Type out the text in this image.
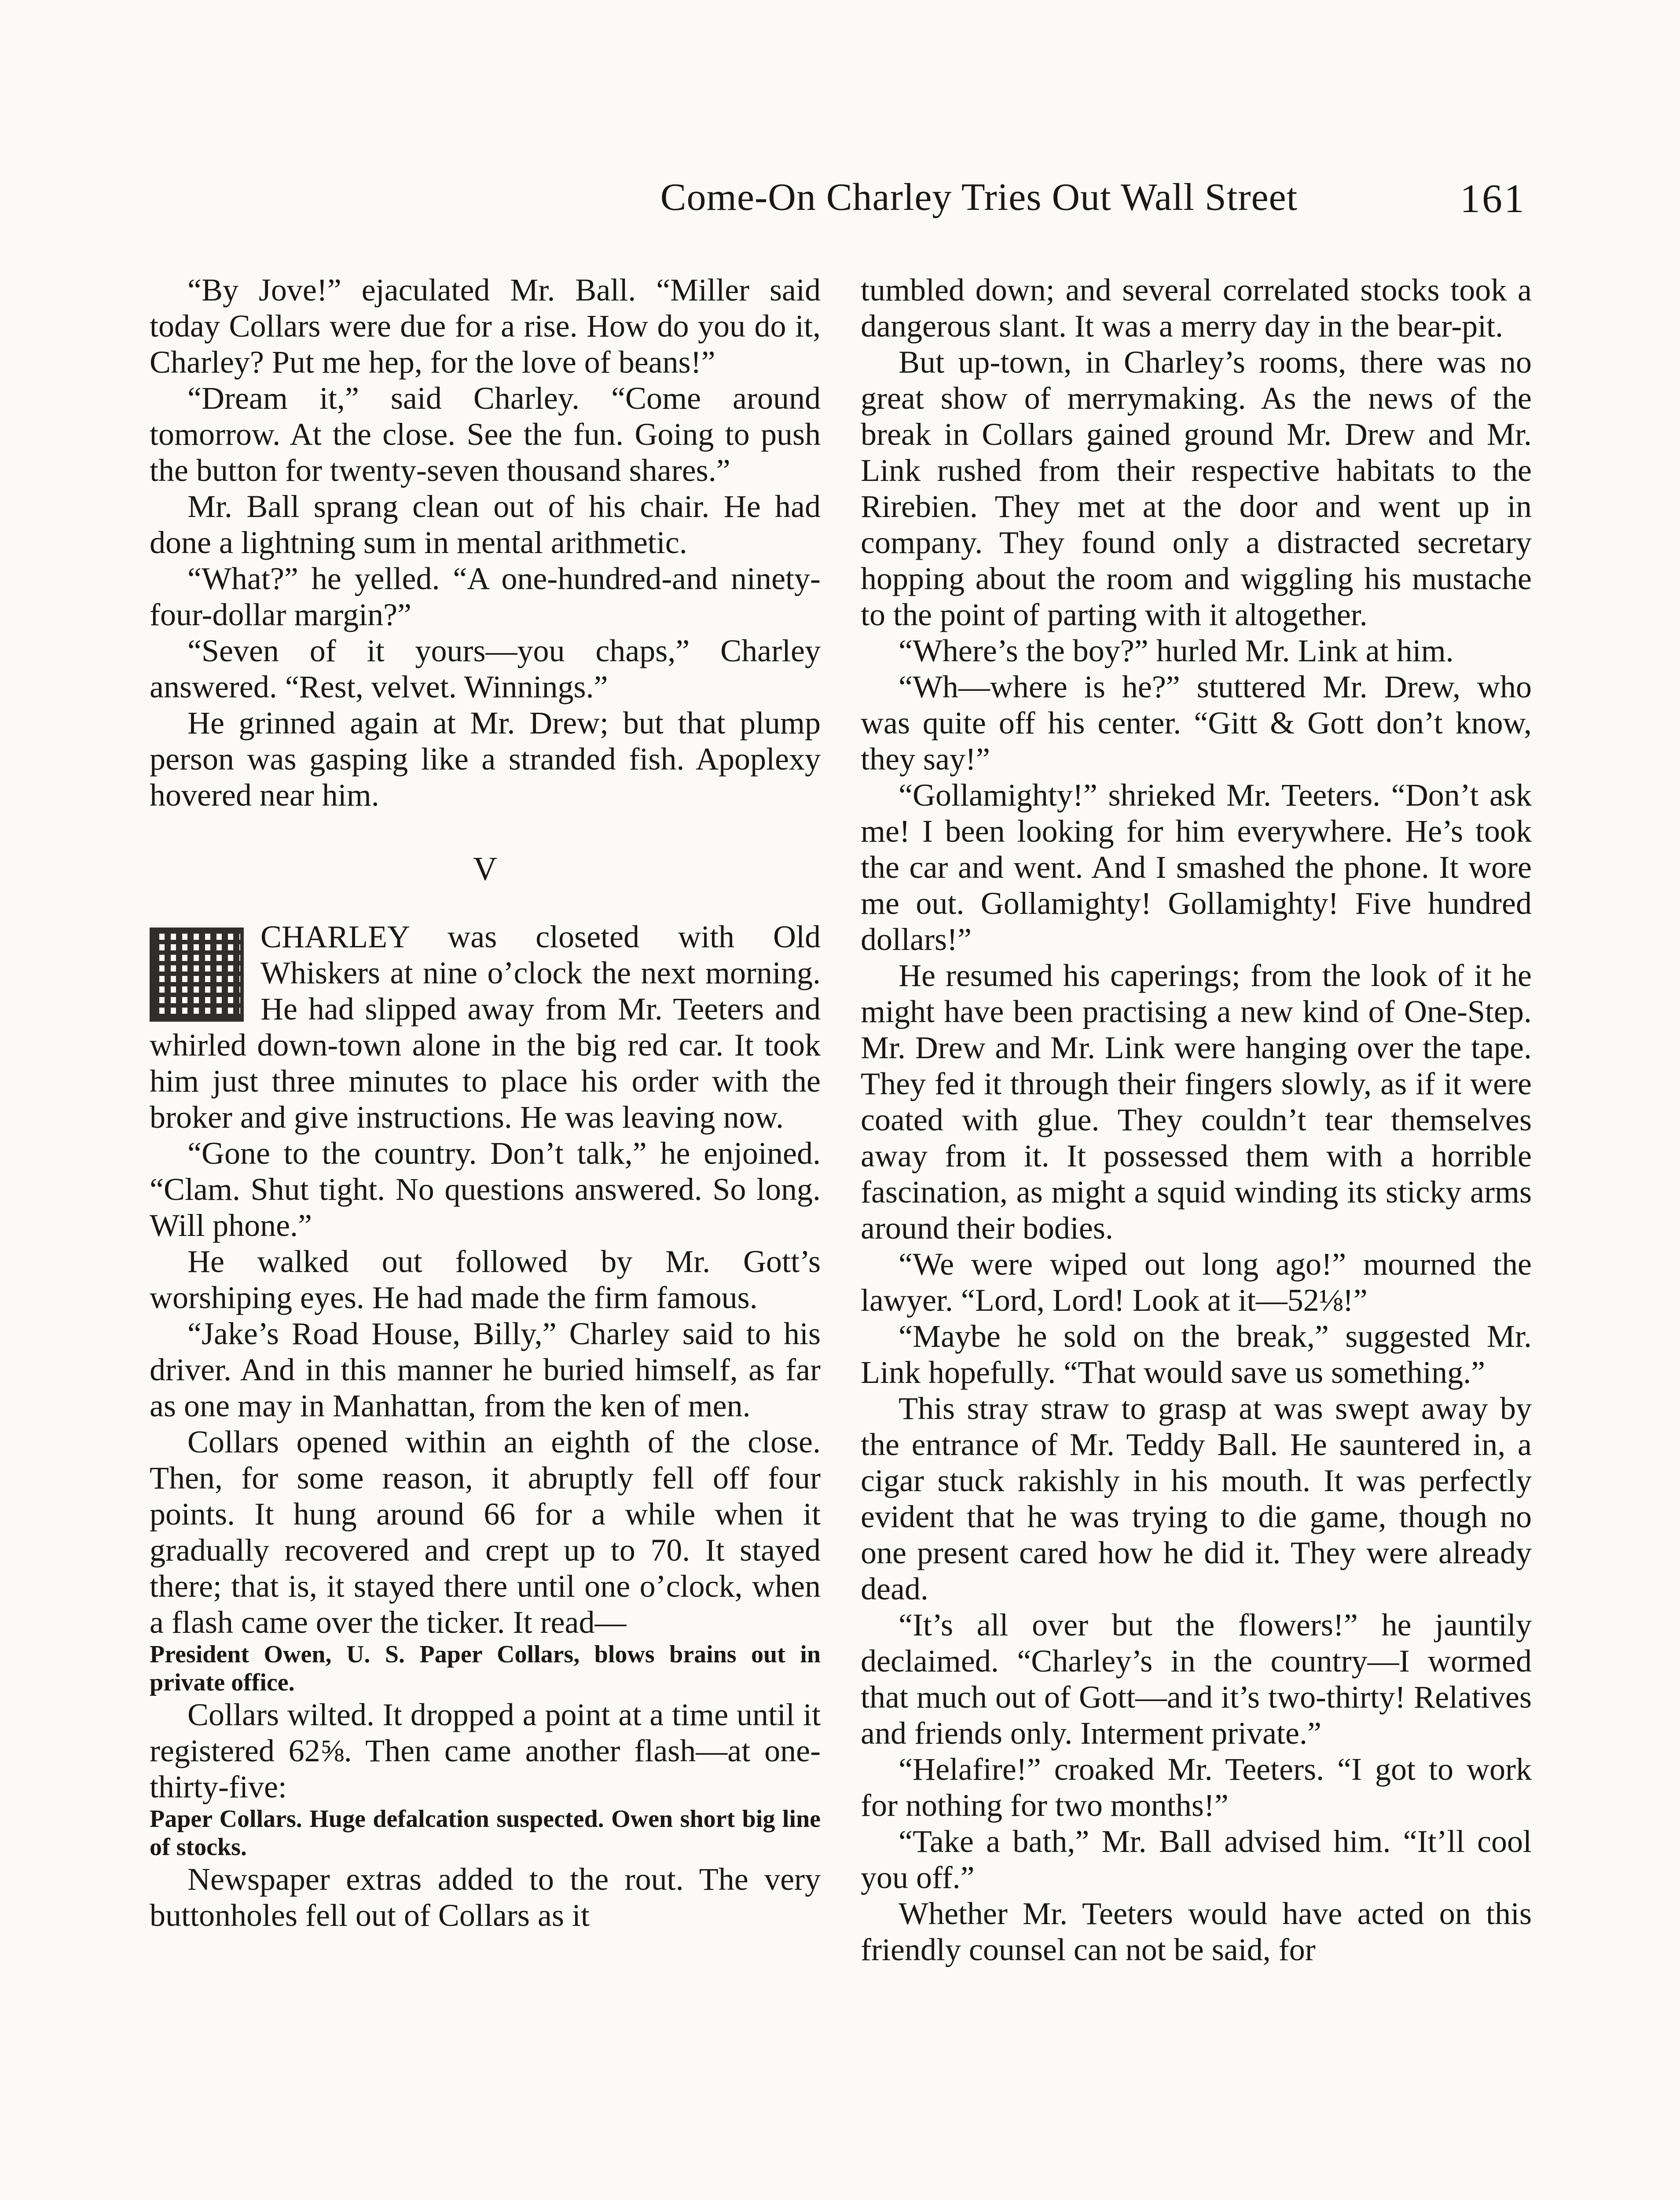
Come-On Charley Tries Out Wall Street	161

“By Jove!” ejaculated Mr. Ball. “Miller said today Collars were due for a rise. How do you do it, Charley? Put me hep, for the love of beans!”

“Dream it,” said Charley. “Come around tomorrow. At the close. See the fun. Going to push the button for twenty-seven thousand shares.”

Mr. Ball sprang clean out of his chair. He had done a lightning sum in mental arithmetic.

“What?” he yelled. “A one-hundred-and ninety-four-dollar margin?”

“Seven of it yours—you chaps,” Charley answered. “Rest, velvet. Winnings.”

He grinned again at Mr. Drew; but that plump person was gasping like a stranded fish. Apoplexy hovered near him.

V

CHARLEY was closeted with Old Whiskers at nine o’clock the next morning. He had slipped away from Mr. Teeters and whirled down-town alone in the big red car. It took him just three minutes to place his order with the broker and give instructions. He was leaving now.

“Gone to the country. Don’t talk,” he enjoined. “Clam. Shut tight. No questions answered. So long. Will phone.”

He walked out followed by Mr. Gott’s worshiping eyes. He had made the firm famous.

“Jake’s Road House, Billy,” Charley said to his driver. And in this manner he buried himself, as far as one may in Manhattan, from the ken of men.

Collars opened within an eighth of the close. Then, for some reason, it abruptly fell off four points. It hung around 66 for a while when it gradually recovered and crept up to 70. It stayed there; that is, it stayed there until one o’clock, when a flash came over the ticker. It read—

President Owen, U. S. Paper Collars, blows brains out in private office.

Collars wilted. It dropped a point at a time until it registered 62⅝. Then came another flash—at one-thirty-five:

Paper Collars. Huge defalcation suspected. Owen short big line of stocks.

Newspaper extras added to the rout. The very buttonholes fell out of Collars as it

tumbled down; and several correlated stocks took a dangerous slant. It was a merry day in the bear-pit.

But up-town, in Charley’s rooms, there was no great show of merrymaking. As the news of the break in Collars gained ground Mr. Drew and Mr. Link rushed from their respective habitats to the Rirebien. They met at the door and went up in company. They found only a distracted secretary hopping about the room and wiggling his mustache to the point of parting with it altogether.

“Where’s the boy?” hurled Mr. Link at him.

“Wh—where is he?” stuttered Mr. Drew, who was quite off his center. “Gitt & Gott don’t know, they say!”

“Gollamighty!” shrieked Mr. Teeters. “Don’t ask me! I been looking for him everywhere. He’s took the car and went. And I smashed the phone. It wore me out. Gollamighty! Gollamighty! Five hundred dollars!”

He resumed his caperings; from the look of it he might have been practising a new kind of One-Step. Mr. Drew and Mr. Link were hanging over the tape. They fed it through their fingers slowly, as if it were coated with glue. They couldn’t tear themselves away from it. It possessed them with a horrible fascination, as might a squid winding its sticky arms around their bodies.

“We were wiped out long ago!” mourned the lawyer. “Lord, Lord! Look at it—52⅛!”

“Maybe he sold on the break,” suggested Mr. Link hopefully. “That would save us something.”

This stray straw to grasp at was swept away by the entrance of Mr. Teddy Ball. He sauntered in, a cigar stuck rakishly in his mouth. It was perfectly evident that he was trying to die game, though no one present cared how he did it. They were already dead.

“It’s all over but the flowers!” he jauntily declaimed. “Charley’s in the country—I wormed that much out of Gott—and it’s two-thirty! Relatives and friends only. Interment private.”

“Helafire!” croaked Mr. Teeters. “I got to work for nothing for two months!”

“Take a bath,” Mr. Ball advised him. “It’ll cool you off.”

Whether Mr. Teeters would have acted on this friendly counsel can not be said, for
